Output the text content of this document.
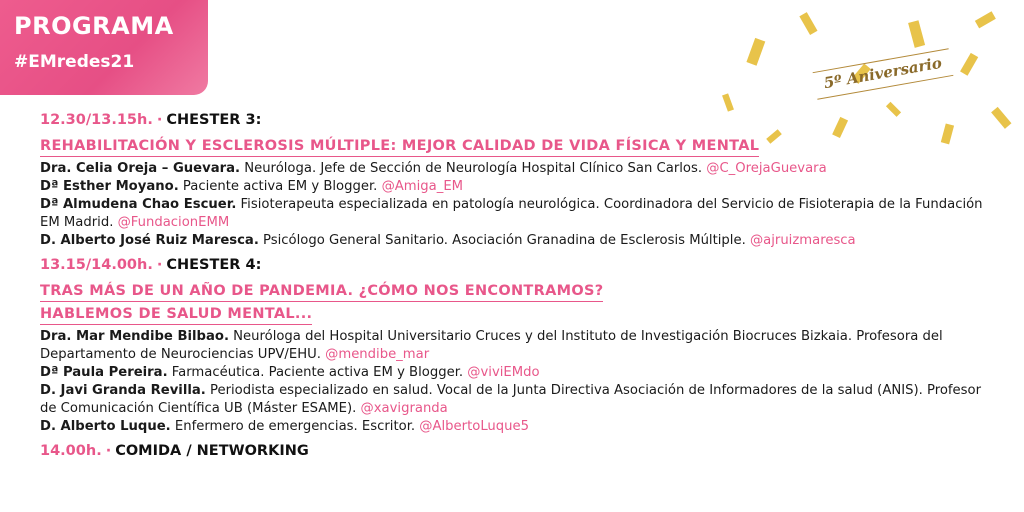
PROGRAMA
#EMredes21	5º Aniversario
12.30/13.15h. · CHESTER 3:
REHABILITACIÓN Y ESCLEROSIS MÚLTIPLE: MEJOR CALIDAD DE VIDA FÍSICA Y MENTAL
Dra. Celia Oreja – Guevara. Neuróloga. Jefe de Sección de Neurología Hospital Clínico San Carlos. @C_OrejaGuevara
Dª Esther Moyano. Paciente activa EM y Blogger. @Amiga_EM
Dª Almudena Chao Escuer. Fisioterapeuta especializada en patología neurológica. Coordinadora del Servicio de Fisioterapia de la Fundación EM Madrid. @FundacionEMM
D. Alberto José Ruiz Maresca. Psicólogo General Sanitario. Asociación Granadina de Esclerosis Múltiple. @ajruizmaresca
13.15/14.00h. · CHESTER 4:
TRAS MÁS DE UN AÑO DE PANDEMIA. ¿CÓMO NOS ENCONTRAMOS?
HABLEMOS DE SALUD MENTAL...
Dra. Mar Mendibe Bilbao. Neuróloga del Hospital Universitario Cruces y del Instituto de Investigación Biocruces Bizkaia. Profesora del Departamento de Neurociencias UPV/EHU. @mendibe_mar
Dª Paula Pereira. Farmacéutica. Paciente activa EM y Blogger. @viviEMdo
D. Javi Granda Revilla. Periodista especializado en salud. Vocal de la Junta Directiva Asociación de Informadores de la salud (ANIS). Profesor de Comunicación Científica UB (Máster ESAME). @xavigranda
D. Alberto Luque. Enfermero de emergencias. Escritor. @AlbertoLuque5
14.00h. · COMIDA / NETWORKING
